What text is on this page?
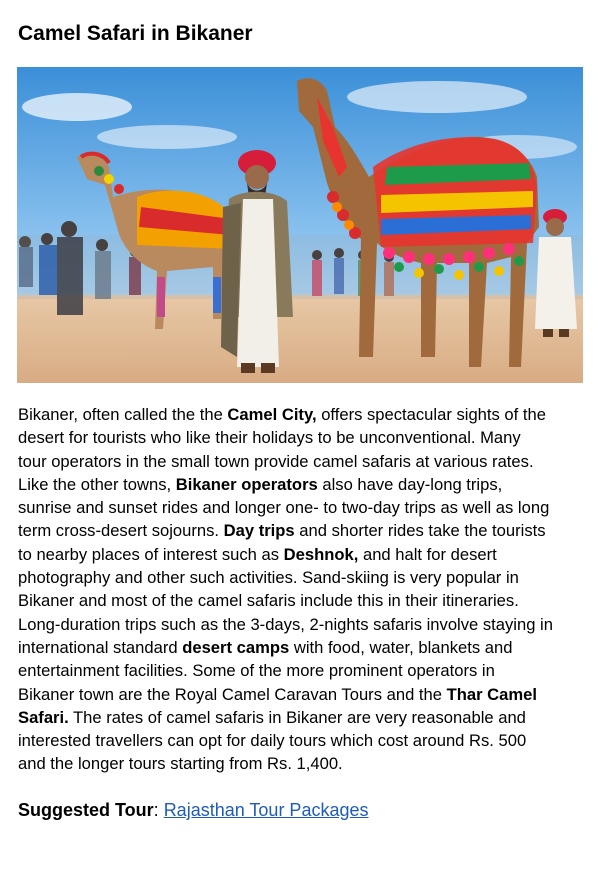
Camel Safari in Bikaner
Bikaner, often called the the Camel City, offers spectacular sights of the
desert for tourists who like their holidays to be unconventional. Many
tour operators in the small town provide camel safaris at various rates.
Like the other towns, Bikaner operators also have day-long trips,
sunrise and sunset rides and longer one- to two-day trips as well as long
term cross-desert sojourns. Day trips and shorter rides take the tourists
to nearby places of interest such as Deshnok, and halt for desert
photography and other such activities. Sand-skiing is very popular in
Bikaner and most of the camel safaris include this in their itineraries.
Long-duration trips such as the 3-days, 2-nights safaris involve staying in
international standard desert camps with food, water, blankets and
entertainment facilities. Some of the more prominent operators in
Bikaner town are the Royal Camel Caravan Tours and the Thar Camel
Safari. The rates of camel safaris in Bikaner are very reasonable and
interested travellers can opt for daily tours which cost around Rs. 500
and the longer tours starting from Rs. 1,400.

Suggested Tour: Rajasthan Tour Packages
